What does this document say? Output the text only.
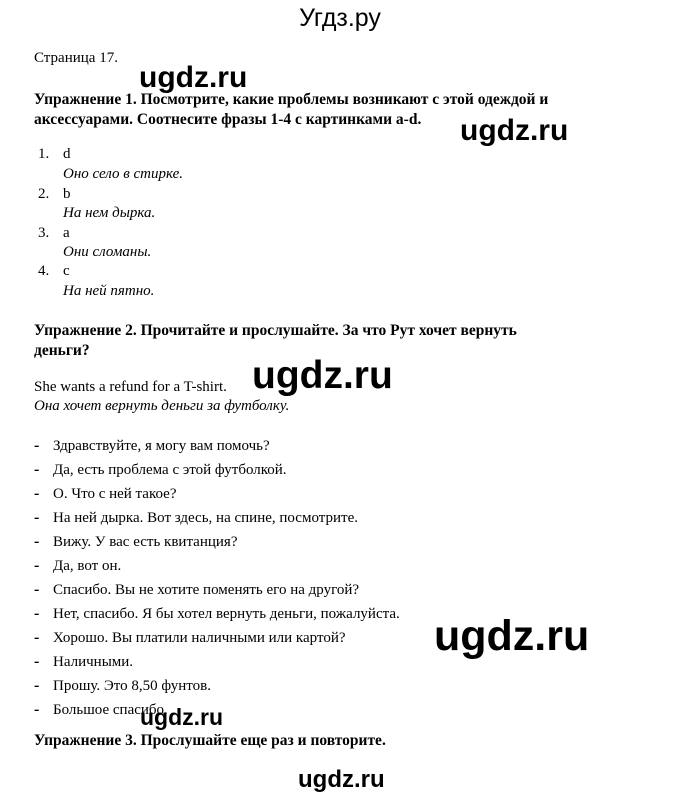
Угдз.ру
Страница 17.
Упражнение 1. Посмотрите, какие проблемы возникают с этой одеждой и
аксессуарами. Соотнесите фразы 1-4 с картинками a-d.
1. d
Оно село в стирке.
2. b
На нем дырка.
3. a
Они сломаны.
4. c
На ней пятно.
Упражнение 2. Прочитайте и прослушайте. За что Рут хочет вернуть
деньги?
She wants a refund for a T-shirt.
Она хочет вернуть деньги за футболку.
- Здравствуйте, я могу вам помочь?
- Да, есть проблема с этой футболкой.
- О. Что с ней такое?
- На ней дырка. Вот здесь, на спине, посмотрите.
- Вижу. У вас есть квитанция?
- Да, вот он.
- Спасибо. Вы не хотите поменять его на другой?
- Нет, спасибо. Я бы хотел вернуть деньги, пожалуйста.
- Хорошо. Вы платили наличными или картой?
- Наличными.
- Прошу. Это 8,50 фунтов.
- Большое спасибо.
Упражнение 3. Прослушайте еще раз и повторите.
ugdz.ru
ugdz.ru
ugdz.ru
ugdz.ru
ugdz.ru
ugdz.ru
